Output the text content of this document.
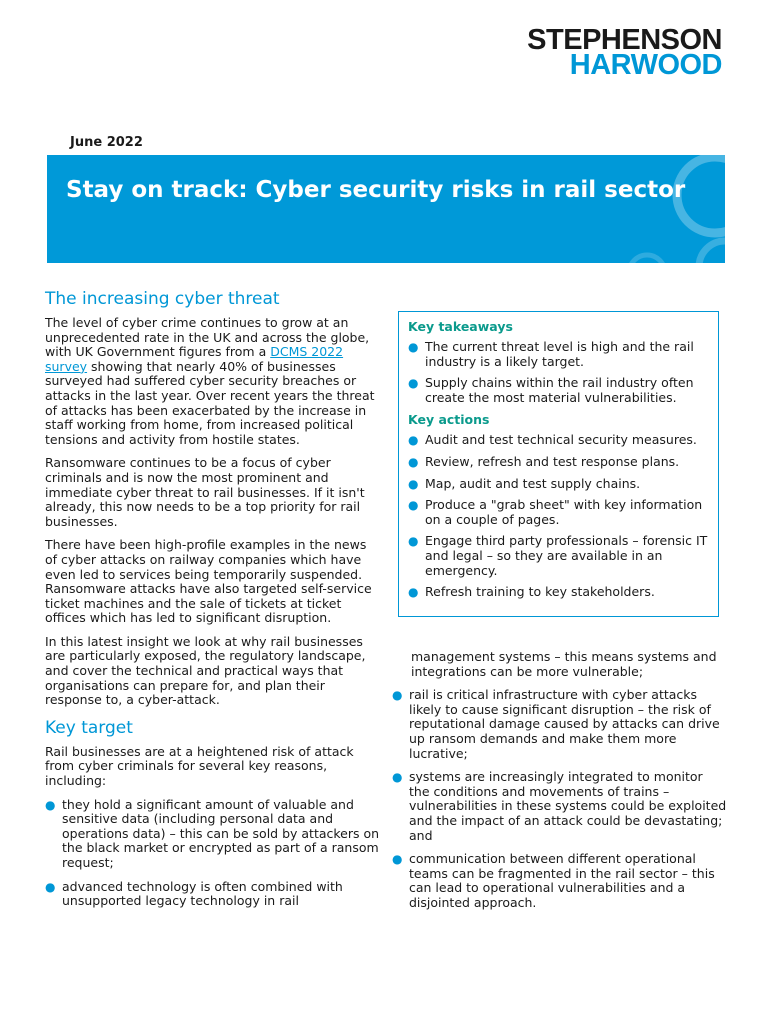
STEPHENSON
HARWOOD
June 2022
Stay on track: Cyber security risks in rail sector
The increasing cyber threat

The level of cyber crime continues to grow at an unprecedented rate in the UK and across the globe, with UK Government figures from a DCMS 2022 survey showing that nearly 40% of businesses surveyed had suffered cyber security breaches or attacks in the last year. Over recent years the threat of attacks has been exacerbated by the increase in staff working from home, from increased political tensions and activity from hostile states.

Ransomware continues to be a focus of cyber criminals and is now the most prominent and immediate cyber threat to rail businesses. If it isn't already, this now needs to be a top priority for rail businesses.

There have been high-profile examples in the news of cyber attacks on railway companies which have even led to services being temporarily suspended. Ransomware attacks have also targeted self-service ticket machines and the sale of tickets at ticket offices which has led to significant disruption.

In this latest insight we look at why rail businesses are particularly exposed, the regulatory landscape, and cover the technical and practical ways that organisations can prepare for, and plan their response to, a cyber-attack.

Key target

Rail businesses are at a heightened risk of attack from cyber criminals for several key reasons, including:

● they hold a significant amount of valuable and sensitive data (including personal data and operations data) – this can be sold by attackers on the black market or encrypted as part of a ransom request;
● advanced technology is often combined with unsupported legacy technology in rail
Key takeaways
● The current threat level is high and the rail industry is a likely target.
● Supply chains within the rail industry often create the most material vulnerabilities.
Key actions
● Audit and test technical security measures.
● Review, refresh and test response plans.
● Map, audit and test supply chains.
● Produce a "grab sheet" with key information on a couple of pages.
● Engage third party professionals – forensic IT and legal – so they are available in an emergency.
● Refresh training to key stakeholders.
management systems – this means systems and integrations can be more vulnerable;
● rail is critical infrastructure with cyber attacks likely to cause significant disruption – the risk of reputational damage caused by attacks can drive up ransom demands and make them more lucrative;
● systems are increasingly integrated to monitor the conditions and movements of trains – vulnerabilities in these systems could be exploited and the impact of an attack could be devastating; and
● communication between different operational teams can be fragmented in the rail sector – this can lead to operational vulnerabilities and a disjointed approach.
